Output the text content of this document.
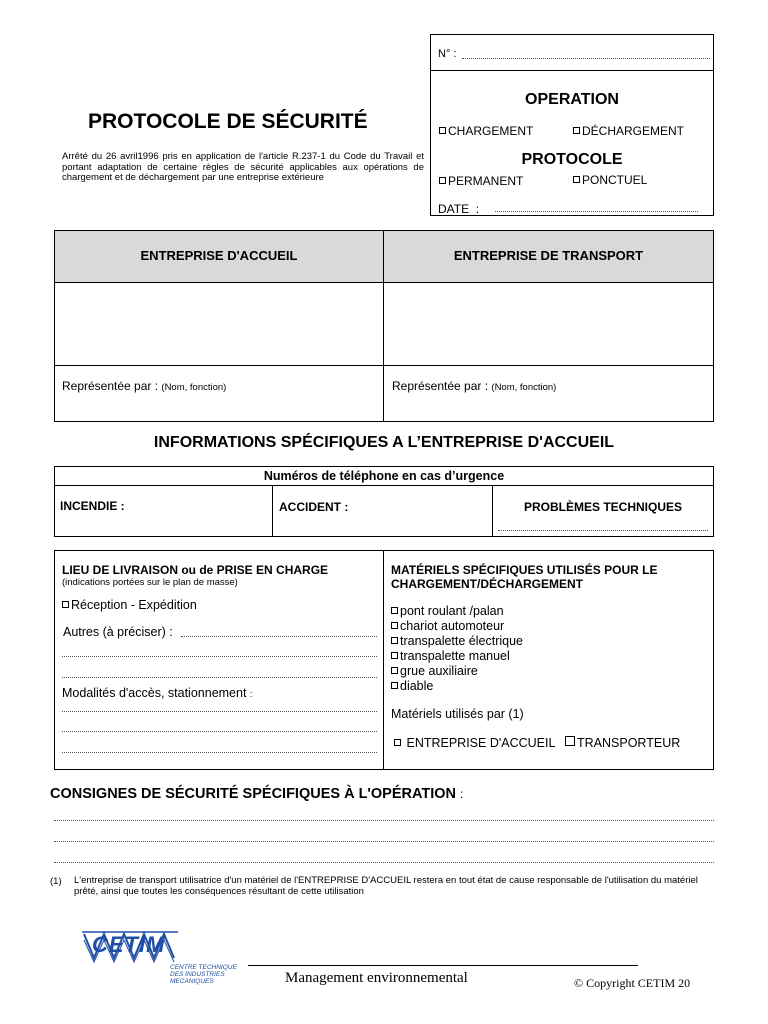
PROTOCOLE DE SÉCURITÉ
Arrêté du 26 avril1996 pris en application de l'article R.237-1 du Code du Travail et portant adaptation de certaine règles de sécurité applicables aux opérations de chargement et de déchargement par une entreprise extérieure
N° :
OPERATION
CHARGEMENT	DÉCHARGEMENT
PROTOCOLE
PERMANENT	PONCTUEL
DATE  :
ENTREPRISE D'ACCUEIL	ENTREPRISE DE TRANSPORT
Représentée par : (Nom, fonction)	Représentée par : (Nom, fonction)
INFORMATIONS SPÉCIFIQUES A L’ENTREPRISE D'ACCUEIL
Numéros de téléphone en cas d’urgence
INCENDIE :	ACCIDENT :	PROBLÈMES TECHNIQUES
LIEU DE LIVRAISON ou de PRISE EN CHARGE
(indications portées sur le plan de masse)
Réception - Expédition
Autres (à préciser) :
Modalités d'accès, stationnement :
MATÉRIELS SPÉCIFIQUES UTILISÉS POUR LE CHARGEMENT/DÉCHARGEMENT
pont roulant /palan
chariot automoteur
transpalette électrique
transpalette manuel
grue auxiliaire
diable
Matériels utilisés par (1)
ENTREPRISE D'ACCUEIL	TRANSPORTEUR
CONSIGNES DE SÉCURITÉ SPÉCIFIQUES À L'OPÉRATION :
(1) L'entreprise de transport utilisatrice d'un matériel de l'ENTREPRISE D'ACCUEIL restera en tout état de cause responsable de l'utilisation du matériel prêté, ainsi que toutes les conséquences résultant de cette utilisation
CETIM
CENTRE TECHNIQUE
DES INDUSTRIES
MECANIQUES	Management environnemental	© Copyright CETIM 20
